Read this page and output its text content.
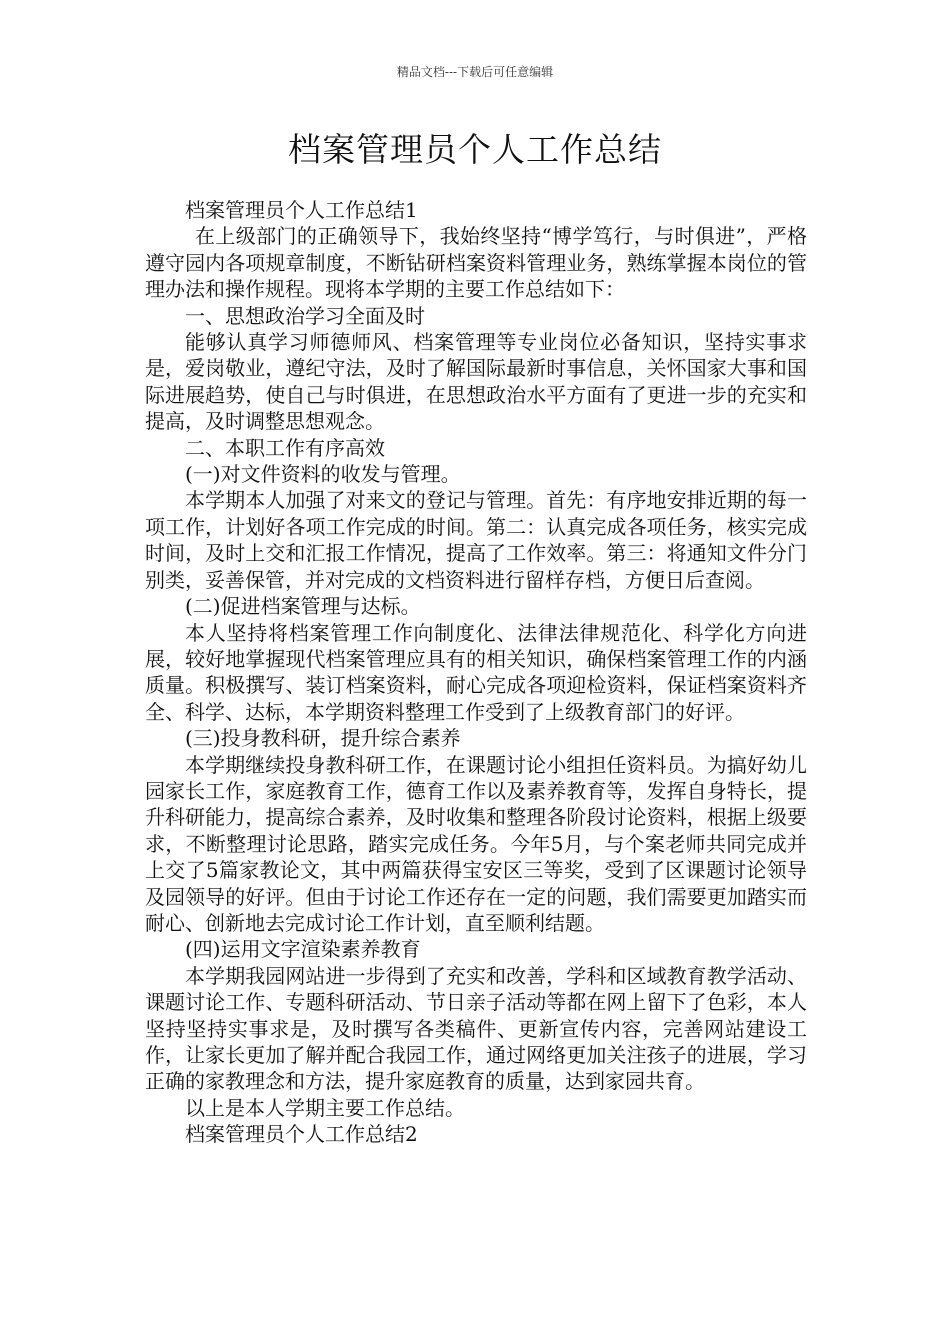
精品文档---下载后可任意编辑
档案管理员个人工作总结

档案管理员个人工作总结1

在上级部门的正确领导下，我始终坚持“博学笃行，与时俱进”，严格遵守园内各项规章制度，不断钻研档案资料管理业务，熟练掌握本岗位的管理办法和操作规程。现将本学期的主要工作总结如下：

一、思想政治学习全面及时

能够认真学习师德师风、档案管理等专业岗位必备知识，坚持实事求是，爱岗敬业，遵纪守法，及时了解国际最新时事信息，关怀国家大事和国际进展趋势，使自己与时俱进，在思想政治水平方面有了更进一步的充实和提高，及时调整思想观念。

二、本职工作有序高效

(一)对文件资料的收发与管理。

本学期本人加强了对来文的登记与管理。首先：有序地安排近期的每一项工作，计划好各项工作完成的时间。第二：认真完成各项任务，核实完成时间，及时上交和汇报工作情况，提高了工作效率。第三：将通知文件分门别类，妥善保管，并对完成的文档资料进行留样存档，方便日后查阅。

(二)促进档案管理与达标。

本人坚持将档案管理工作向制度化、法律法律规范化、科学化方向进展，较好地掌握现代档案管理应具有的相关知识，确保档案管理工作的内涵质量。积极撰写、装订档案资料，耐心完成各项迎检资料，保证档案资料齐全、科学、达标，本学期资料整理工作受到了上级教育部门的好评。

(三)投身教科研，提升综合素养

本学期继续投身教科研工作，在课题讨论小组担任资料员。为搞好幼儿园家长工作，家庭教育工作，德育工作以及素养教育等，发挥自身特长，提升科研能力，提高综合素养，及时收集和整理各阶段讨论资料，根据上级要求，不断整理讨论思路，踏实完成任务。今年5月，与个案老师共同完成并上交了5篇家教论文，其中两篇获得宝安区三等奖，受到了区课题讨论领导及园领导的好评。但由于讨论工作还存在一定的问题，我们需要更加踏实而耐心、创新地去完成讨论工作计划，直至顺利结题。

(四)运用文字渲染素养教育

本学期我园网站进一步得到了充实和改善，学科和区域教育教学活动、课题讨论工作、专题科研活动、节日亲子活动等都在网上留下了色彩，本人坚持坚持实事求是，及时撰写各类稿件、更新宣传内容，完善网站建设工作，让家长更加了解并配合我园工作，通过网络更加关注孩子的进展，学习正确的家教理念和方法，提升家庭教育的质量，达到家园共育。

以上是本人学期主要工作总结。

档案管理员个人工作总结2
